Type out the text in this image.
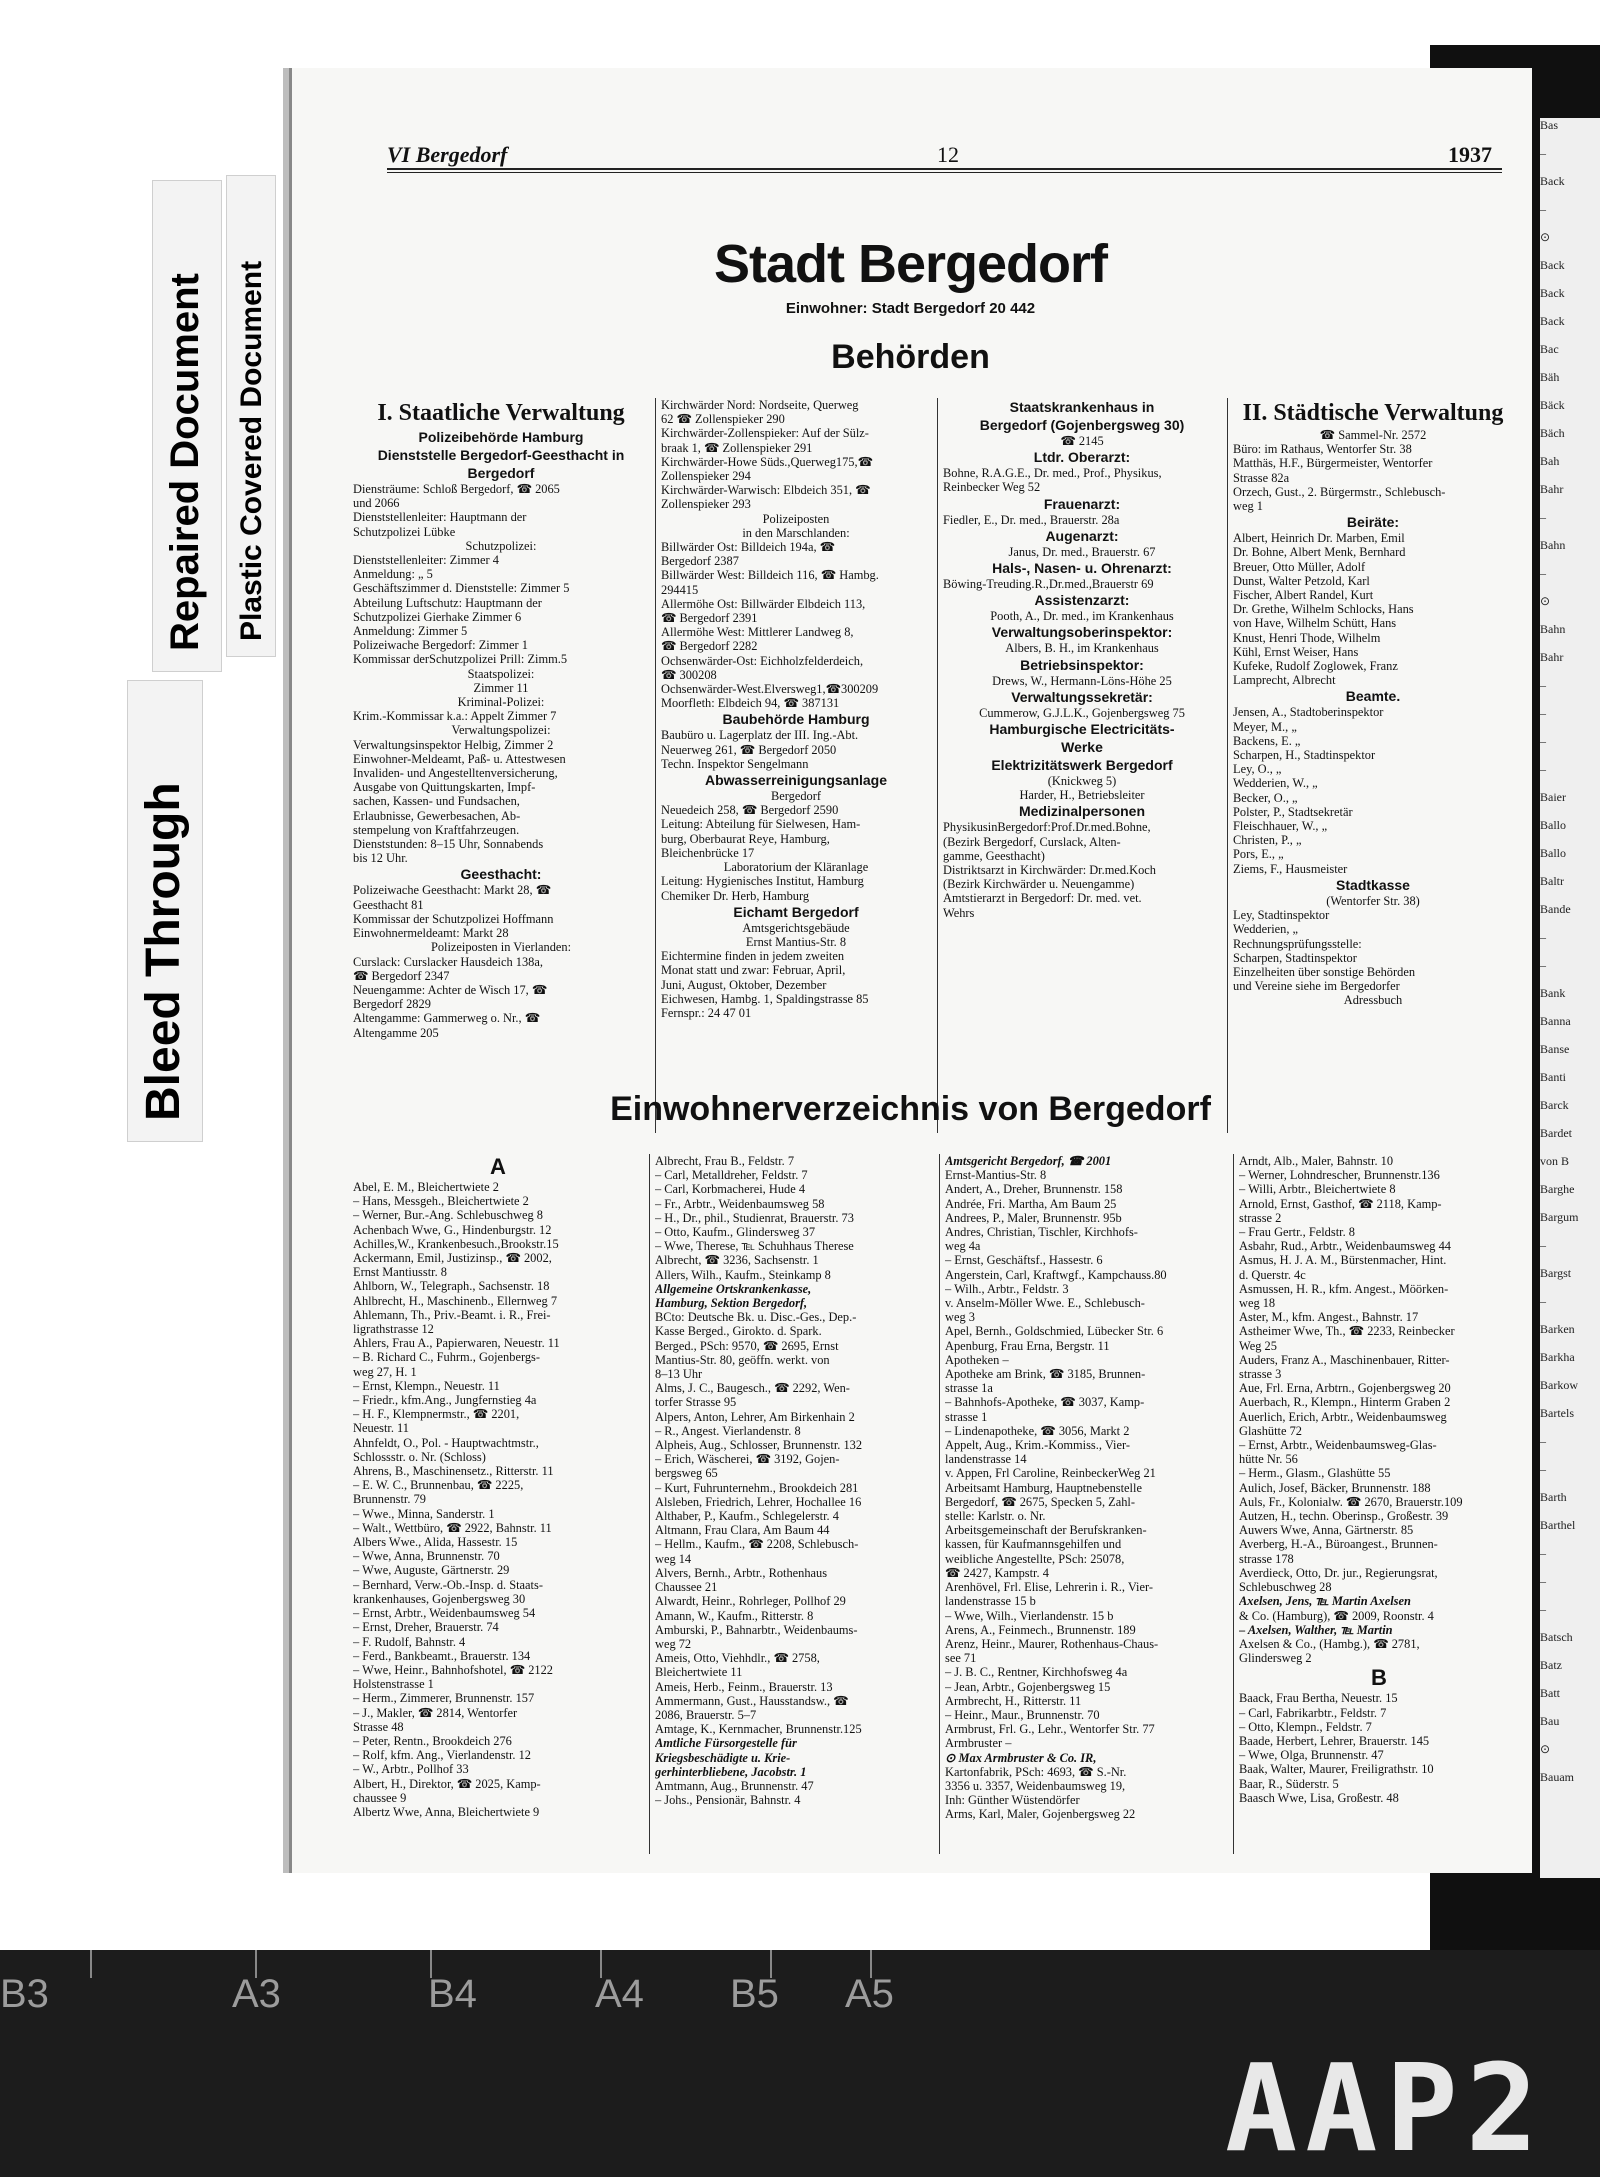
Bleed Through
Repaired Document Plastic Covered Document
Bas
–
Back
–
⊙
Back
Back
Back
Bac
Bäh
Bäck
Bäch
Bah
Bahr
–
Bahn
–
⊙
Bahn
Bahr
–
–
–
–
Baier
Ballo
Ballo
Baltr
Bande
–
–
Bank
Banna
Banse
Banti
Barck
Bardet
von B
Barghe
Bargum
–
Bargst
–
Barken
Barkha
Barkow
Bartels
–
–
Barth
Barthel
–
–
–
Batsch
Batz
Batt
Bau
⊙
Bauam
VI Bergedorf	12	1937
Stadt Bergedorf
Einwohner: Stadt Bergedorf 20 442
Behörden
I. Staatliche Verwaltung
Polizeibehörde Hamburg
Dienststelle Bergedorf-Geesthacht in Bergedorf
Diensträume: Schloß Bergedorf, ☎ 2065
und 2066
Dienststellenleiter: Hauptmann der
Schutzpolizei Lübke
Schutzpolizei:
Dienststellenleiter: Zimmer 4
Anmeldung: „ 5
Geschäftszimmer d. Dienststelle: Zimmer 5
Abteilung Luftschutz: Hauptmann der
Schutzpolizei Gierhake Zimmer 6
Anmeldung: Zimmer 5
Polizeiwache Bergedorf: Zimmer 1
Kommissar derSchutzpolizei Prill: Zimm.5
Staatspolizei:
Zimmer 11
Kriminal-Polizei:
Krim.-Kommissar k.a.: Appelt Zimmer 7
Verwaltungspolizei:
Verwaltungsinspektor Helbig, Zimmer 2
Einwohner-Meldeamt, Paß- u. Attestwesen
Invaliden- und Angestelltenversicherung,
Ausgabe von Quittungskarten, Impf-
sachen, Kassen- und Fundsachen,
Erlaubnisse, Gewerbesachen, Ab-
stempelung von Kraftfahrzeugen.
Dienststunden: 8–15 Uhr, Sonnabends
bis 12 Uhr.
Geesthacht:
Polizeiwache Geesthacht: Markt 28, ☎
Geesthacht 81
Kommissar der Schutzpolizei Hoffmann
Einwohnermeldeamt: Markt 28
Polizeiposten in Vierlanden:
Curslack: Curslacker Hausdeich 138a,
☎ Bergedorf 2347
Neuengamme: Achter de Wisch 17, ☎
Bergedorf 2829
Altengamme: Gammerweg o. Nr., ☎
Altengamme 205
Kirchwärder Nord: Nordseite, Querweg
62 ☎ Zollenspieker 290
Kirchwärder-Zollenspieker: Auf der Sülz-
braak 1, ☎ Zollenspieker 291
Kirchwärder-Howe Süds.,Querweg175,☎
Zollenspieker 294
Kirchwärder-Warwisch: Elbdeich 351, ☎
Zollenspieker 293
Polizeiposten
in den Marschlanden:
Billwärder Ost: Billdeich 194a, ☎
Bergedorf 2387
Billwärder West: Billdeich 116, ☎ Hambg.
294415
Allermöhe Ost: Billwärder Elbdeich 113,
☎ Bergedorf 2391
Allermöhe West: Mittlerer Landweg 8,
☎ Bergedorf 2282
Ochsenwärder-Ost: Eichholzfelderdeich,
☎ 300208
Ochsenwärder-West.Elversweg1,☎300209
Moorfleth: Elbdeich 94, ☎ 387131
Baubehörde Hamburg
Baubüro u. Lagerplatz der III. Ing.-Abt.
Neuerweg 261, ☎ Bergedorf 2050
Techn. Inspektor Sengelmann
Abwasserreinigungsanlage
Bergedorf
Neuedeich 258, ☎ Bergedorf 2590
Leitung: Abteilung für Sielwesen, Ham-
burg, Oberbaurat Reye, Hamburg,
Bleichenbrücke 17
Laboratorium der Kläranlage
Leitung: Hygienisches Institut, Hamburg
Chemiker Dr. Herb, Hamburg
Eichamt Bergedorf
Amtsgerichtsgebäude
Ernst Mantius-Str. 8
Eichtermine finden in jedem zweiten
Monat statt und zwar: Februar, April,
Juni, August, Oktober, Dezember
Eichwesen, Hambg. 1, Spaldingstrasse 85
Fernspr.: 24 47 01
Staatskrankenhaus in
Bergedorf (Gojenbergsweg 30)
☎ 2145
Ltdr. Oberarzt:
Bohne, R.A.G.E., Dr. med., Prof., Physikus,
Reinbecker Weg 52
Frauenarzt:
Fiedler, E., Dr. med., Brauerstr. 28a
Augenarzt:
Janus, Dr. med., Brauerstr. 67
Hals-, Nasen- u. Ohrenarzt:
Böwing-Treuding.R.,Dr.med.,Brauerstr 69
Assistenzarzt:
Pooth, A., Dr. med., im Krankenhaus
Verwaltungsoberinspektor:
Albers, B. H., im Krankenhaus
Betriebsinspektor:
Drews, W., Hermann-Löns-Höhe 25
Verwaltungssekretär:
Cummerow, G.J.L.K., Gojenbergsweg 75
Hamburgische Electricitäts-
Werke
Elektrizitätswerk Bergedorf
(Knickweg 5)
Harder, H., Betriebsleiter
Medizinalpersonen
PhysikusinBergedorf:Prof.Dr.med.Bohne,
(Bezirk Bergedorf, Curslack, Alten-
gamme, Geesthacht)
Distriktsarzt in Kirchwärder: Dr.med.Koch
(Bezirk Kirchwärder u. Neuengamme)
Amtstierarzt in Bergedorf: Dr. med. vet.
Wehrs
II. Städtische Verwaltung
☎ Sammel-Nr. 2572
Büro: im Rathaus, Wentorfer Str. 38
Matthäs, H.F., Bürgermeister, Wentorfer
Strasse 82a
Orzech, Gust., 2. Bürgermstr., Schlebusch-
weg 1
Beiräte:
Albert, Heinrich Dr. Marben, Emil
Dr. Bohne, Albert Menk, Bernhard
Breuer, Otto Müller, Adolf
Dunst, Walter Petzold, Karl
Fischer, Albert Randel, Kurt
Dr. Grethe, Wilhelm Schlocks, Hans
von Have, Wilhelm Schütt, Hans
Knust, Henri Thode, Wilhelm
Kühl, Ernst Weiser, Hans
Kufeke, Rudolf Zoglowek, Franz
Lamprecht, Albrecht
Beamte.
Jensen, A., Stadtoberinspektor
Meyer, M., „
Backens, E. „
Scharpen, H., Stadtinspektor
Ley, O., „
Wedderien, W., „
Becker, O., „
Polster, P., Stadtsekretär
Fleischhauer, W., „
Christen, P., „
Pors, E., „
Ziems, F., Hausmeister
Stadtkasse
(Wentorfer Str. 38)
Ley, Stadtinspektor
Wedderien, „
Rechnungsprüfungsstelle:
Scharpen, Stadtinspektor
Einzelheiten über sonstige Behörden
und Vereine siehe im Bergedorfer
Adressbuch
Einwohnerverzeichnis von Bergedorf
A
Abel, E. M., Bleichertwiete 2
– Hans, Messgeh., Bleichertwiete 2
– Werner, Bur.-Ang. Schlebuschweg 8
Achenbach Wwe, G., Hindenburgstr. 12
Achilles,W., Krankenbesuch.,Brookstr.15
Ackermann, Emil, Justizinsp., ☎ 2002,
Ernst Mantiusstr. 8
Ahlborn, W., Telegraph., Sachsenstr. 18
Ahlbrecht, H., Maschinenb., Ellernweg 7
Ahlemann, Th., Priv.-Beamt. i. R., Frei-
ligrathstrasse 12
Ahlers, Frau A., Papierwaren, Neuestr. 11
– B. Richard C., Fuhrm., Gojenbergs-
weg 27, H. 1
– Ernst, Klempn., Neuestr. 11
– Friedr., kfm.Ang., Jungfernstieg 4a
– H. F., Klempnermstr., ☎ 2201,
Neuestr. 11
Ahnfeldt, O., Pol. - Hauptwachtmstr.,
Schlossstr. o. Nr. (Schloss)
Ahrens, B., Maschinensetz., Ritterstr. 11
– E. W. C., Brunnenbau, ☎ 2225,
Brunnenstr. 79
– Wwe., Minna, Sanderstr. 1
– Walt., Wettbüro, ☎ 2922, Bahnstr. 11
Albers Wwe., Alida, Hassestr. 15
– Wwe, Anna, Brunnenstr. 70
– Wwe, Auguste, Gärtnerstr. 29
– Bernhard, Verw.-Ob.-Insp. d. Staats-
krankenhauses, Gojenbergsweg 30
– Ernst, Arbtr., Weidenbaumsweg 54
– Ernst, Dreher, Brauerstr. 74
– F. Rudolf, Bahnstr. 4
– Ferd., Bankbeamt., Brauerstr. 134
– Wwe, Heinr., Bahnhofshotel, ☎ 2122
Holstenstrasse 1
– Herm., Zimmerer, Brunnenstr. 157
– J., Makler, ☎ 2814, Wentorfer
Strasse 48
– Peter, Rentn., Brookdeich 276
– Rolf, kfm. Ang., Vierlandenstr. 12
– W., Arbtr., Pollhof 33
Albert, H., Direktor, ☎ 2025, Kamp-
chaussee 9
Albertz Wwe, Anna, Bleichertwiete 9
Albrecht, Frau B., Feldstr. 7
– Carl, Metalldreher, Feldstr. 7
– Carl, Korbmacherei, Hude 4
– Fr., Arbtr., Weidenbaumsweg 58
– H., Dr., phil., Studienrat, Brauerstr. 73
– Otto, Kaufm., Glindersweg 37
– Wwe, Therese, ℡ Schuhhaus Therese
Albrecht, ☎ 3236, Sachsenstr. 1
Allers, Wilh., Kaufm., Steinkamp 8
Allgemeine Ortskrankenkasse,
Hamburg, Sektion Bergedorf,
BCto: Deutsche Bk. u. Disc.-Ges., Dep.-
Kasse Berged., Girokto. d. Spark.
Berged., PSch: 9570, ☎ 2695, Ernst
Mantius-Str. 80, geöffn. werkt. von
8–13 Uhr
Alms, J. C., Baugesch., ☎ 2292, Wen-
torfer Strasse 95
Alpers, Anton, Lehrer, Am Birkenhain 2
– R., Angest. Vierlandenstr. 8
Alpheis, Aug., Schlosser, Brunnenstr. 132
– Erich, Wäscherei, ☎ 3192, Gojen-
bergsweg 65
– Kurt, Fuhrunternehm., Brookdeich 281
Alsleben, Friedrich, Lehrer, Hochallee 16
Althaber, P., Kaufm., Schlegelerstr. 4
Altmann, Frau Clara, Am Baum 44
– Hellm., Kaufm., ☎ 2208, Schlebusch-
weg 14
Alvers, Bernh., Arbtr., Rothenhaus
Chaussee 21
Alwardt, Heinr., Rohrleger, Pollhof 29
Amann, W., Kaufm., Ritterstr. 8
Amburski, P., Bahnarbtr., Weidenbaums-
weg 72
Ameis, Otto, Viehhdlr., ☎ 2758,
Bleichertwiete 11
Ameis, Herb., Feinm., Brauerstr. 13
Ammermann, Gust., Hausstandsw., ☎
2086, Brauerstr. 5–7
Amtage, K., Kernmacher, Brunnenstr.125
Amtliche Fürsorgestelle für
Kriegsbeschädigte u. Krie-
gerhinterbliebene, Jacobstr. 1
Amtmann, Aug., Brunnenstr. 47
– Johs., Pensionär, Bahnstr. 4
Amtsgericht Bergedorf, ☎ 2001
Ernst-Mantius-Str. 8
Andert, A., Dreher, Brunnenstr. 158
Andrée, Fri. Martha, Am Baum 25
Andrees, P., Maler, Brunnenstr. 95b
Andres, Christian, Tischler, Kirchhofs-
weg 4a
– Ernst, Geschäftsf., Hassestr. 6
Angerstein, Carl, Kraftwgf., Kampchauss.80
– Wilh., Arbtr., Feldstr. 3
v. Anselm-Möller Wwe. E., Schlebusch-
weg 3
Apel, Bernh., Goldschmied, Lübecker Str. 6
Apenburg, Frau Erna, Bergstr. 11
Apotheken –
Apotheke am Brink, ☎ 3185, Brunnen-
strasse 1a
– Bahnhofs-Apotheke, ☎ 3037, Kamp-
strasse 1
– Lindenapotheke, ☎ 3056, Markt 2
Appelt, Aug., Krim.-Kommiss., Vier-
landenstrasse 14
v. Appen, Frl Caroline, ReinbeckerWeg 21
Arbeitsamt Hamburg, Hauptnebenstelle
Bergedorf, ☎ 2675, Specken 5, Zahl-
stelle: Karlstr. o. Nr.
Arbeitsgemeinschaft der Berufskranken-
kassen, für Kaufmannsgehilfen und
weibliche Angestellte, PSch: 25078,
☎ 2427, Kampstr. 4
Arenhövel, Frl. Elise, Lehrerin i. R., Vier-
landenstrasse 15 b
– Wwe, Wilh., Vierlandenstr. 15 b
Arens, A., Feinmech., Brunnenstr. 189
Arenz, Heinr., Maurer, Rothenhaus-Chaus-
see 71
– J. B. C., Rentner, Kirchhofsweg 4a
– Jean, Arbtr., Gojenbergsweg 15
Armbrecht, H., Ritterstr. 11
– Heinr., Maur., Brunnenstr. 70
Armbrust, Frl. G., Lehr., Wentorfer Str. 77
Armbruster –
⊙ Max Armbruster & Co. IR,
Kartonfabrik, PSch: 4693, ☎ S.-Nr.
3356 u. 3357, Weidenbaumsweg 19,
Inh: Günther Wüstendörfer
Arms, Karl, Maler, Gojenbergsweg 22
Arndt, Alb., Maler, Bahnstr. 10
– Werner, Lohndrescher, Brunnenstr.136
– Willi, Arbtr., Bleichertwiete 8
Arnold, Ernst, Gasthof, ☎ 2118, Kamp-
strasse 2
– Frau Gertr., Feldstr. 8
Asbahr, Rud., Arbtr., Weidenbaumsweg 44
Asmus, H. J. A. M., Bürstenmacher, Hint.
d. Querstr. 4c
Asmussen, H. R., kfm. Angest., Möörken-
weg 18
Aster, M., kfm. Angest., Bahnstr. 17
Astheimer Wwe, Th., ☎ 2233, Reinbecker
Weg 25
Auders, Franz A., Maschinenbauer, Ritter-
strasse 3
Aue, Frl. Erna, Arbtrn., Gojenbergsweg 20
Auerbach, R., Klempn., Hinterm Graben 2
Auerlich, Erich, Arbtr., Weidenbaumsweg
Glashütte 72
– Ernst, Arbtr., Weidenbaumsweg-Glas-
hütte Nr. 56
– Herm., Glasm., Glashütte 55
Aulich, Josef, Bäcker, Brunnenstr. 188
Auls, Fr., Kolonialw. ☎ 2670, Brauerstr.109
Autzen, H., techn. Oberinsp., Großestr. 39
Auwers Wwe, Anna, Gärtnerstr. 85
Averberg, H.-A., Büroangest., Brunnen-
strasse 178
Averdieck, Otto, Dr. jur., Regierungsrat,
Schlebuschweg 28
Axelsen, Jens, ℡ Martin Axelsen
& Co. (Hamburg), ☎ 2009, Roonstr. 4
– Axelsen, Walther, ℡ Martin
Axelsen & Co., (Hambg.), ☎ 2781,
Glindersweg 2
B
Baack, Frau Bertha, Neuestr. 15
– Carl, Fabrikarbtr., Feldstr. 7
– Otto, Klempn., Feldstr. 7
Baade, Herbert, Lehrer, Brauerstr. 145
– Wwe, Olga, Brunnenstr. 47
Baak, Walter, Maurer, Freiligrathstr. 10
Baar, R., Süderstr. 5
Baasch Wwe, Lisa, Großestr. 48
B3	A3	B4	A4 B5 A5
AAP2
